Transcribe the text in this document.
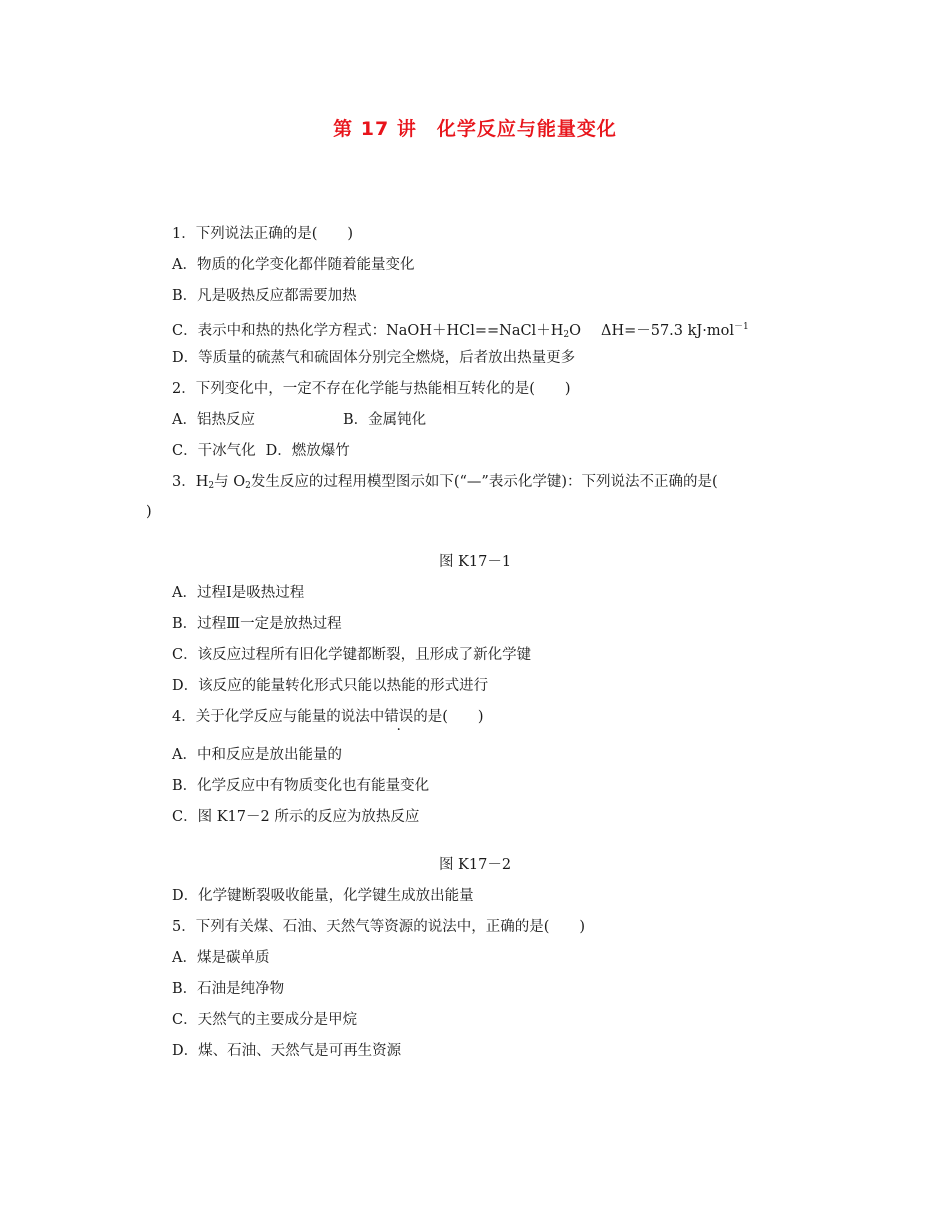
第 17 讲　化学反应与能量变化
1．下列说法正确的是( )
A．物质的化学变化都伴随着能量变化
B．凡是吸热反应都需要加热
C．表示中和热的热化学方程式：$NaOH+HCl==NaCl+H_2O$ ΔH=－57.3 kJ·mol$^{-1}$
D．等质量的硫蒸气和硫固体分别完全燃烧，后者放出热量更多
2．下列变化中，一定不存在化学能与热能相互转化的是( )
A．铝热反应	B．金属钝化
C．干冰气化 D．燃放爆竹
3．$H_2$与 $O_2$发生反应的过程用模型图示如下(“—”表示化学键)：下列说法不正确的是(
)
图 K17－1
A．过程Ⅰ是吸热过程
B．过程Ⅲ一定是放热过程
C．该反应过程所有旧化学键都断裂，且形成了新化学键
D．该反应的能量转化形式只能以热能的形式进行
4．关于化学反应与能量的说法中错误的是( )
A．中和反应是放出能量的
B．化学反应中有物质变化也有能量变化
C．图 K17－2 所示的反应为放热反应
图 K17－2
D．化学键断裂吸收能量，化学键生成放出能量
5．下列有关煤、石油、天然气等资源的说法中，正确的是( )
A．煤是碳单质
B．石油是纯净物
C．天然气的主要成分是甲烷
D．煤、石油、天然气是可再生资源
